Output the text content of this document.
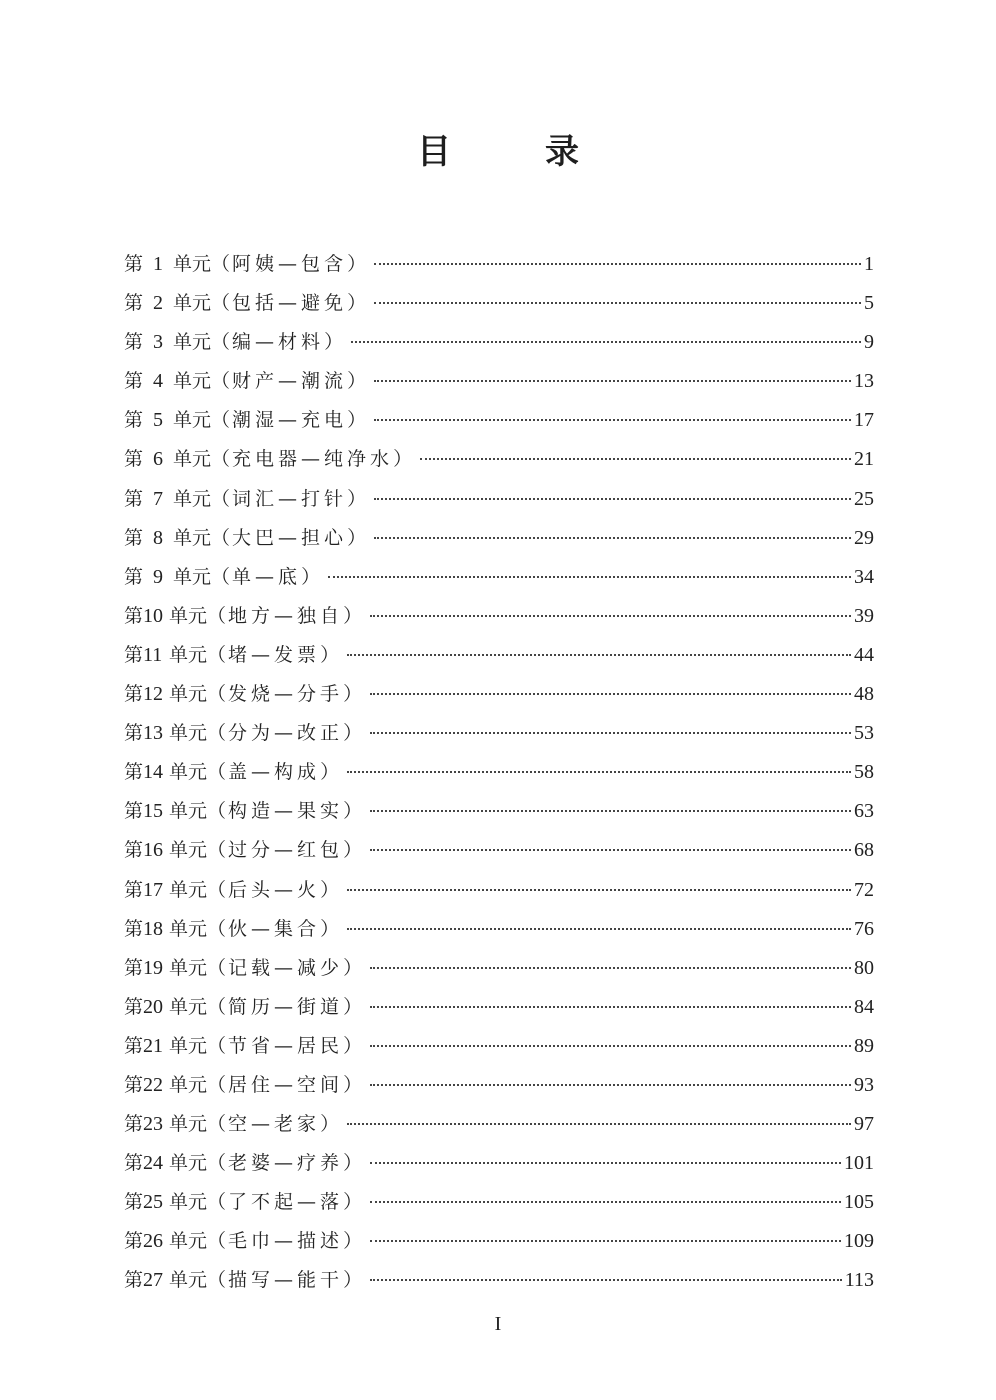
目　录
第 1 单元 （ 阿姨—包含 ）	1
第 2 单元 （ 包括—避免 ）	5
第 3 单元 （ 编—材料 ）	9
第 4 单元 （ 财产—潮流 ）	13
第 5 单元 （ 潮湿—充电 ）	17
第 6 单元 （ 充电器—纯净水 ）	21
第 7 单元 （ 词汇—打针 ）	25
第 8 单元 （ 大巴—担心 ）	29
第 9 单元 （ 单—底 ）	34
第 10 单元 （ 地方—独自 ）	39
第 11 单元 （ 堵—发票 ）	44
第 12 单元 （ 发烧—分手 ）	48
第 13 单元 （ 分为—改正 ）	53
第 14 单元 （ 盖—构成 ）	58
第 15 单元 （ 构造—果实 ）	63
第 16 单元 （ 过分—红包 ）	68
第 17 单元 （ 后头—火 ）	72
第 18 单元 （ 伙—集合 ）	76
第 19 单元 （ 记载—减少 ）	80
第 20 单元 （ 简历—街道 ）	84
第 21 单元 （ 节省—居民 ）	89
第 22 单元 （ 居住—空间 ）	93
第 23 单元 （ 空—老家 ）	97
第 24 单元 （ 老婆—疗养 ）	101
第 25 单元 （ 了不起—落 ）	105
第 26 单元 （ 毛巾—描述 ）	109
第 27 单元 （ 描写—能干 ）	113
I
